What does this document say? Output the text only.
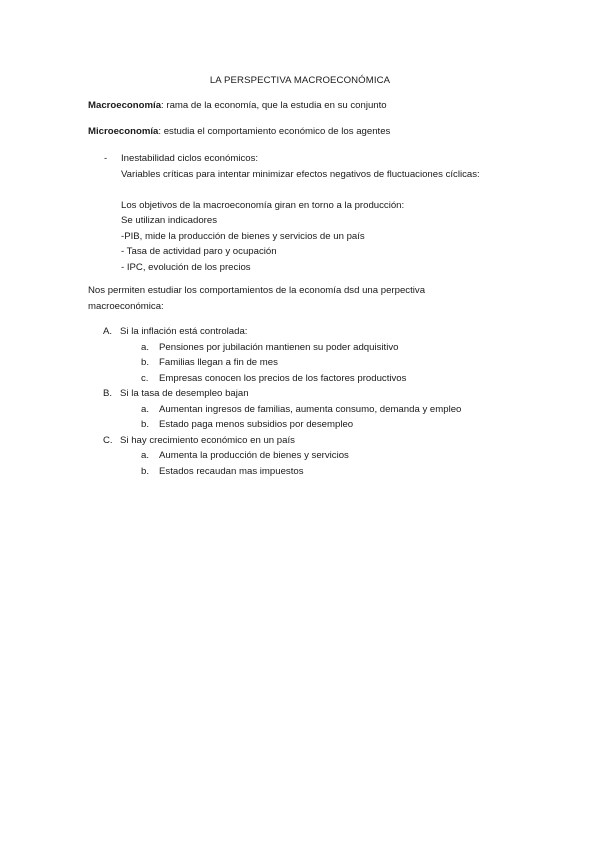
LA PERSPECTIVA MACROECONÓMICA
Macroeconomía: rama de la economía, que la estudia en su conjunto
Microeconomía: estudia el comportamiento económico de los agentes
- Inestabilidad ciclos económicos:
Variables críticas para intentar minimizar efectos negativos de fluctuaciones cíclicas:
Los objetivos de la macroeconomía giran en torno a la producción:
Se utilizan indicadores
-PIB, mide la producción de bienes y servicios de un país
- Tasa de actividad paro y ocupación
- IPC, evolución de los precios
Nos permiten estudiar los comportamientos de la economía dsd una perpectiva
macroeconómica:
A. Si la inflación está controlada:
a. Pensiones por jubilación mantienen su poder adquisitivo
b. Familias llegan a fin de mes
c. Empresas conocen los precios de los factores productivos
B. Si la tasa de desempleo bajan
a. Aumentan ingresos de familias, aumenta consumo, demanda y empleo
b. Estado paga menos subsidios por desempleo
C. Si hay crecimiento económico en un país
a. Aumenta la producción de bienes y servicios
b. Estados recaudan mas impuestos
